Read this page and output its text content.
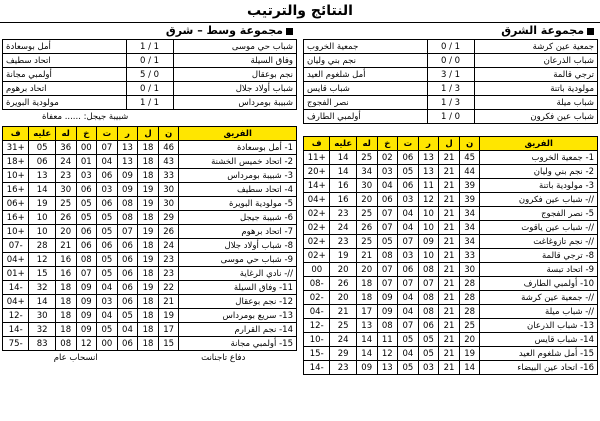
النتائج والترتيب
مجموعة الشرق
جمعية عين كرشة	1 / 0	جمعية الخروب
شباب الذرعان	0 / 0	نجم بني وليان
ترجي قالمة	1 / 3	أمل شلغوم العيد
مولودية باتنة	3 / 1	شباب قايس
شباب ميلة	3 / 1	نصر الفجوج
شباب عين فكرون	0 / 1	أولمبي الطارف
الفريق	ن	ل	ر	ت	خ	له	عليه	ف
1- جمعية الخروب	45	21	13	06	02	25	14	+11
2- نجم بني وليان	44	21	13	05	03	34	14	+20
3- مولودية باتنة	39	21	11	06	04	30	16	+14
//- شباب عين فكرون	39	21	12	03	06	20	16	+04
5- نصر الفجوج	34	21	10	04	07	25	23	+02
//- شباب عين ياقوت	34	21	10	04	07	26	24	+02
//- نجم تازوغاغت	34	21	09	07	05	25	23	+02
8- ترجي قالمة	33	21	10	03	08	21	19	+02
9- اتحاد تبسة	30	21	08	06	07	20	20	00
10- أولمبي الطارف	28	21	07	07	07	18	26	-08
//- جمعية عين كرشة	28	21	08	04	09	18	20	-02
//- شباب ميلة	28	21	08	04	09	17	21	-04
13- شباب الذرعان	25	21	06	07	08	13	25	-12
14- شباب قايس	20	21	05	05	11	14	24	-10
15- أمل شلغوم العيد	19	21	05	04	12	14	29	-15
16- اتحاد عين البيضاء	14	21	03	05	13	09	23	-14
مجموعة وسط – شرق
شباب حي موسى	1 / 1	أمل بوسعادة
وفاق السيلة	1 / 0	اتحاد سطيف
نجم بوعقال	0 / 5	أولمبي مجانة
شباب أولاد جلال	1 / 0	اتحاد برهوم
شبيبة بومرداس	1 / 1	مولودية البويرة
شبيبة جيجل: ...... معفاة
الفريق	ن	ل	ر	ت	خ	له	عليه	ف
1- أمل بوسعادة	46	18	13	07	00	36	05	+31
2- اتحاد خميس الخشنة	43	18	13	04	01	24	06	+18
3- شبيبة بومرداس	33	18	09	06	03	23	13	+10
4- اتحاد سطيف	30	19	09	03	06	30	14	+16
5- مولودية البويرة	30	19	08	06	05	25	19	+06
6- شبيبة جيجل	29	18	08	05	05	26	10	+16
7- اتحاد برهوم	26	19	07	05	06	20	10	+10
8- شباب أولاد جلال	24	18	06	06	06	21	28	-07
9- شباب حي موسى	23	19	06	05	08	16	12	+04
//- نادي الرغاية	23	18	06	05	07	16	15	+01
11- وفاق السيلة	22	19	06	04	09	18	32	-14
12- نجم بوعقال	21	18	06	03	09	18	14	+04
13- سريع بومرداس	19	18	05	04	09	18	30	-12
14- نجم القرارم	17	18	04	05	09	18	32	-14
15- أولمبي مجانة	15	18	06	00	12	08	83	-75
دفاع تاجنانتانسحاب عام
